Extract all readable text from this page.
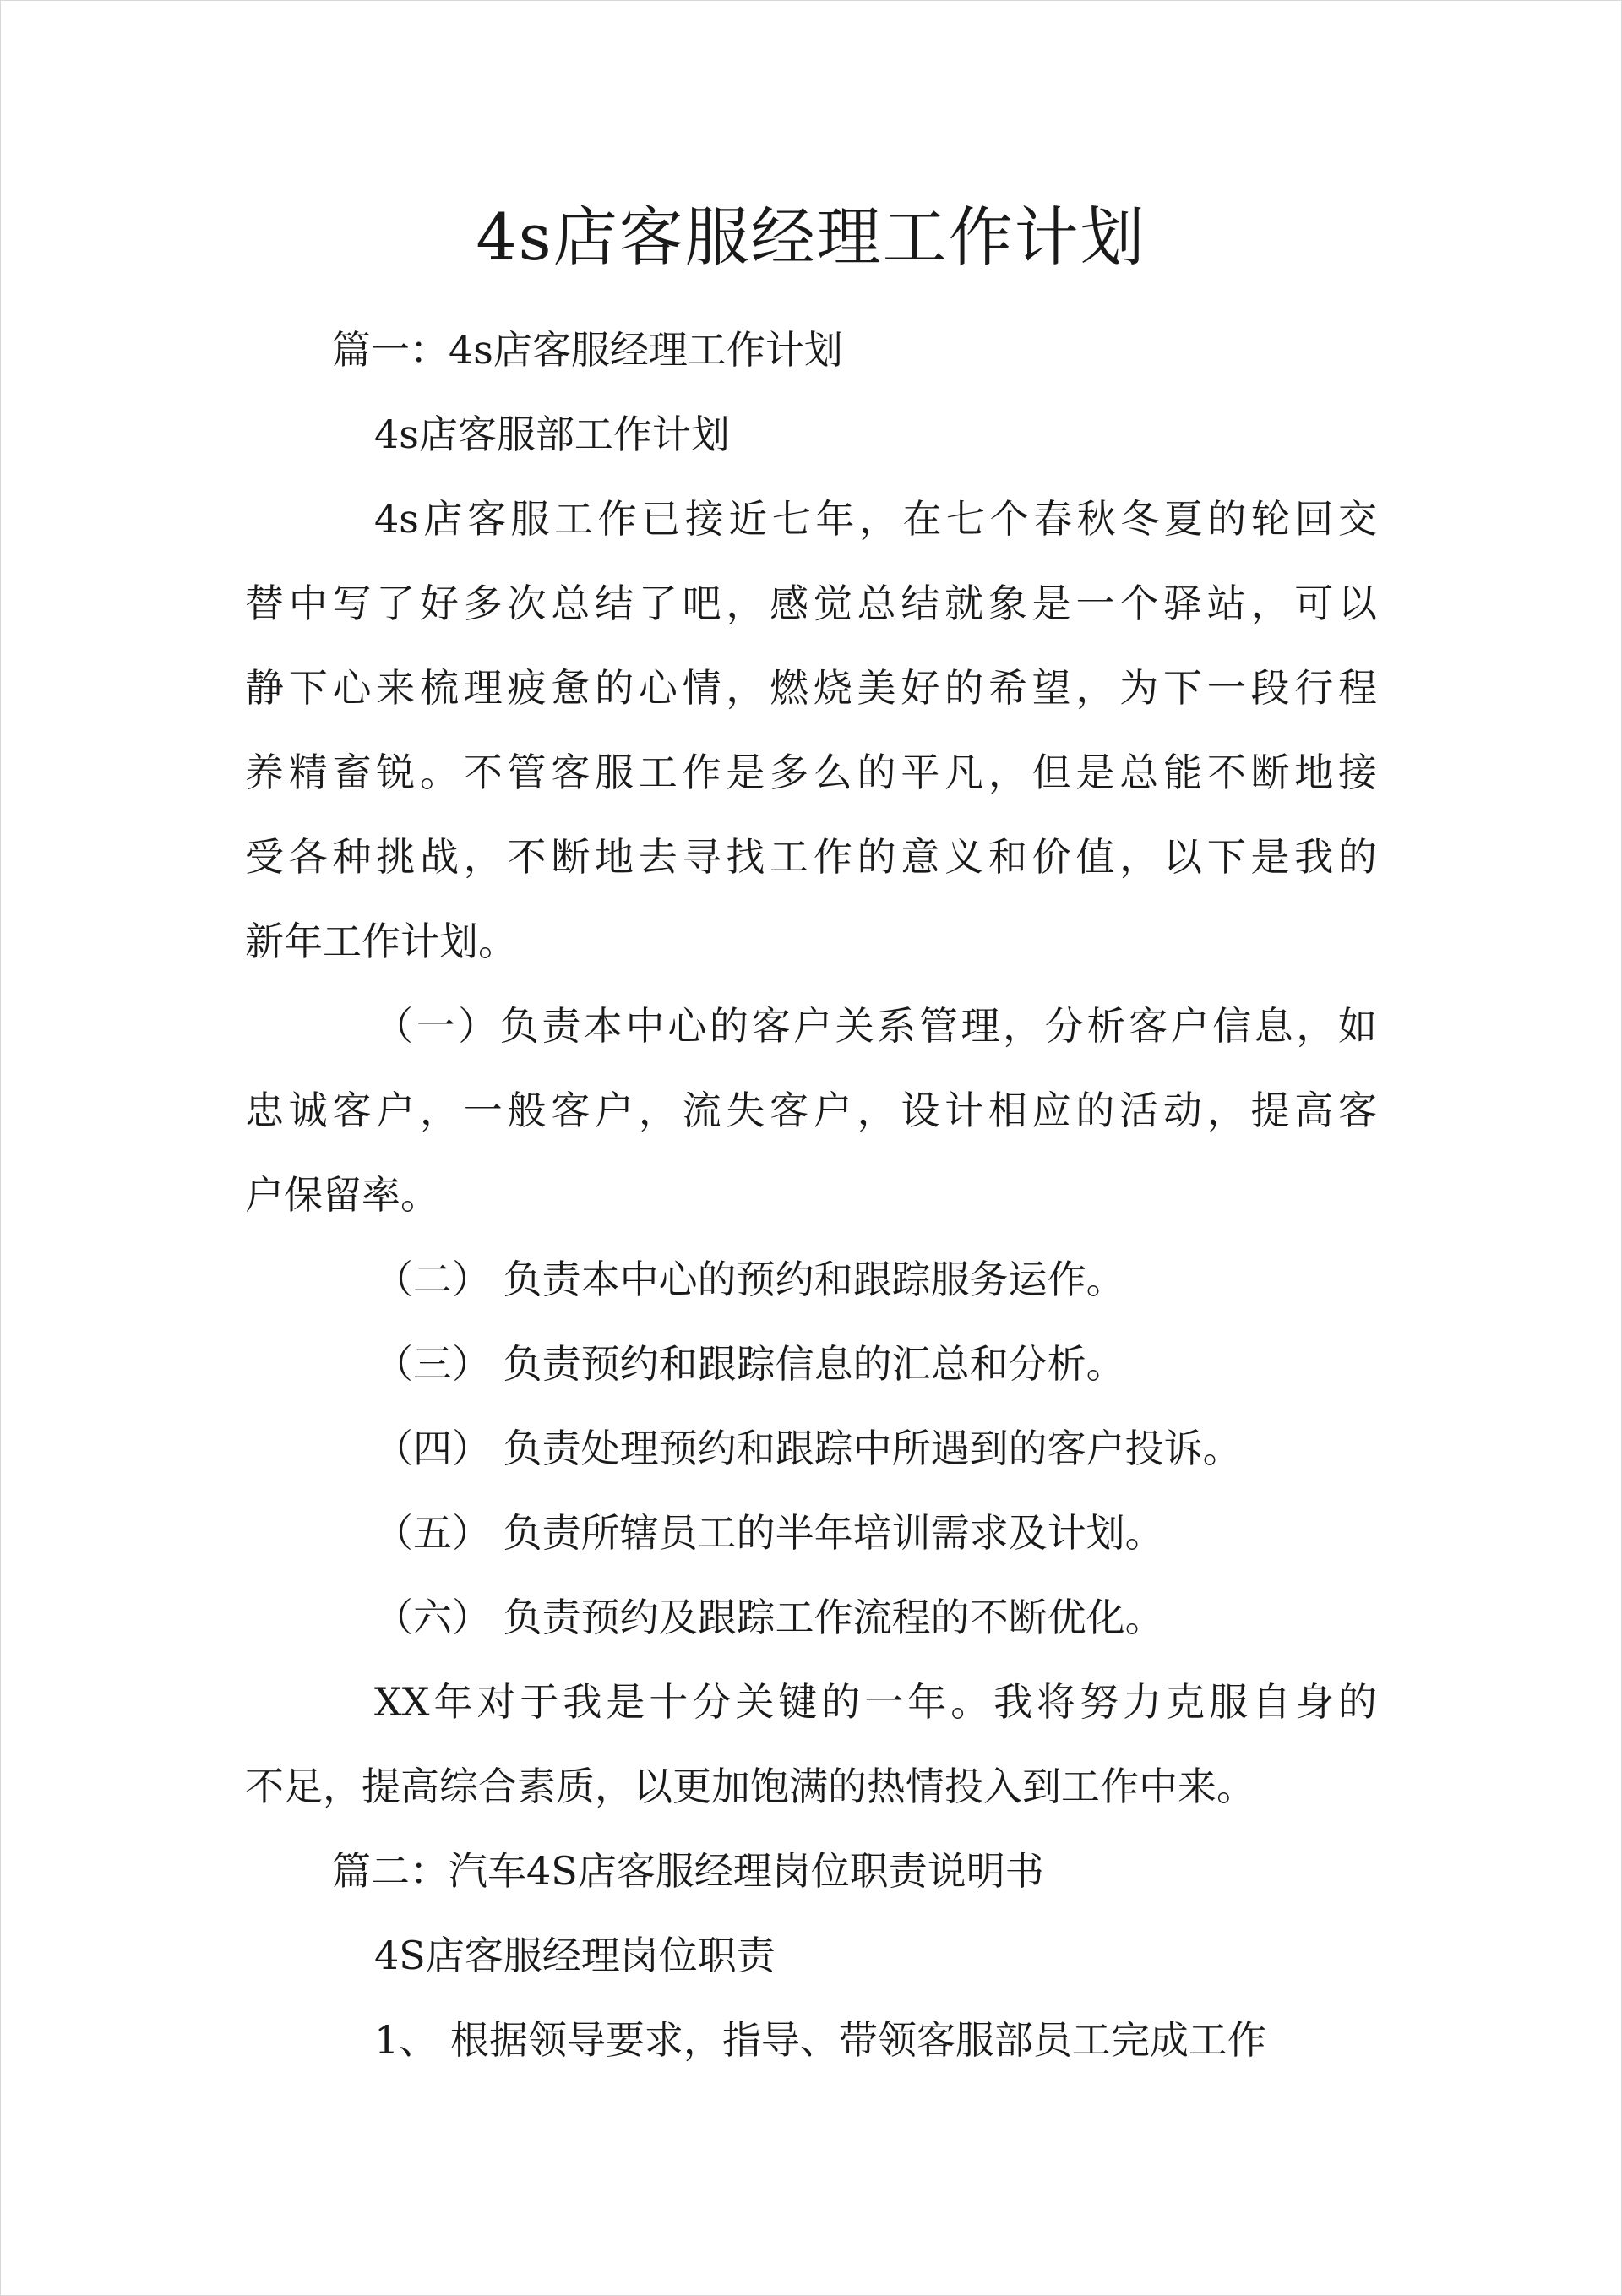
4s店客服经理工作计划

篇一：4s店客服经理工作计划

4s店客服部工作计划

4s店客服工作已接近七年，在七个春秋冬夏的轮回交

替中写了好多次总结了吧，感觉总结就象是一个驿站，可以

静下心来梳理疲惫的心情，燃烧美好的希望，为下一段行程

养精畜锐。不管客服工作是多么的平凡，但是总能不断地接

受各种挑战，不断地去寻找工作的意义和价值，以下是我的

新年工作计划。

（一）负责本中心的客户关系管理，分析客户信息，如

忠诚客户，一般客户，流失客户，设计相应的活动，提高客

户保留率。

（二） 负责本中心的预约和跟踪服务运作。

（三） 负责预约和跟踪信息的汇总和分析。

（四） 负责处理预约和跟踪中所遇到的客户投诉。

（五） 负责所辖员工的半年培训需求及计划。

（六） 负责预约及跟踪工作流程的不断优化。

XX年对于我是十分关键的一年。我将努力克服自身的

不足，提高综合素质，以更加饱满的热情投入到工作中来。

篇二：汽车4S店客服经理岗位职责说明书

4S店客服经理岗位职责

1、 根据领导要求，指导、带领客服部员工完成工作
